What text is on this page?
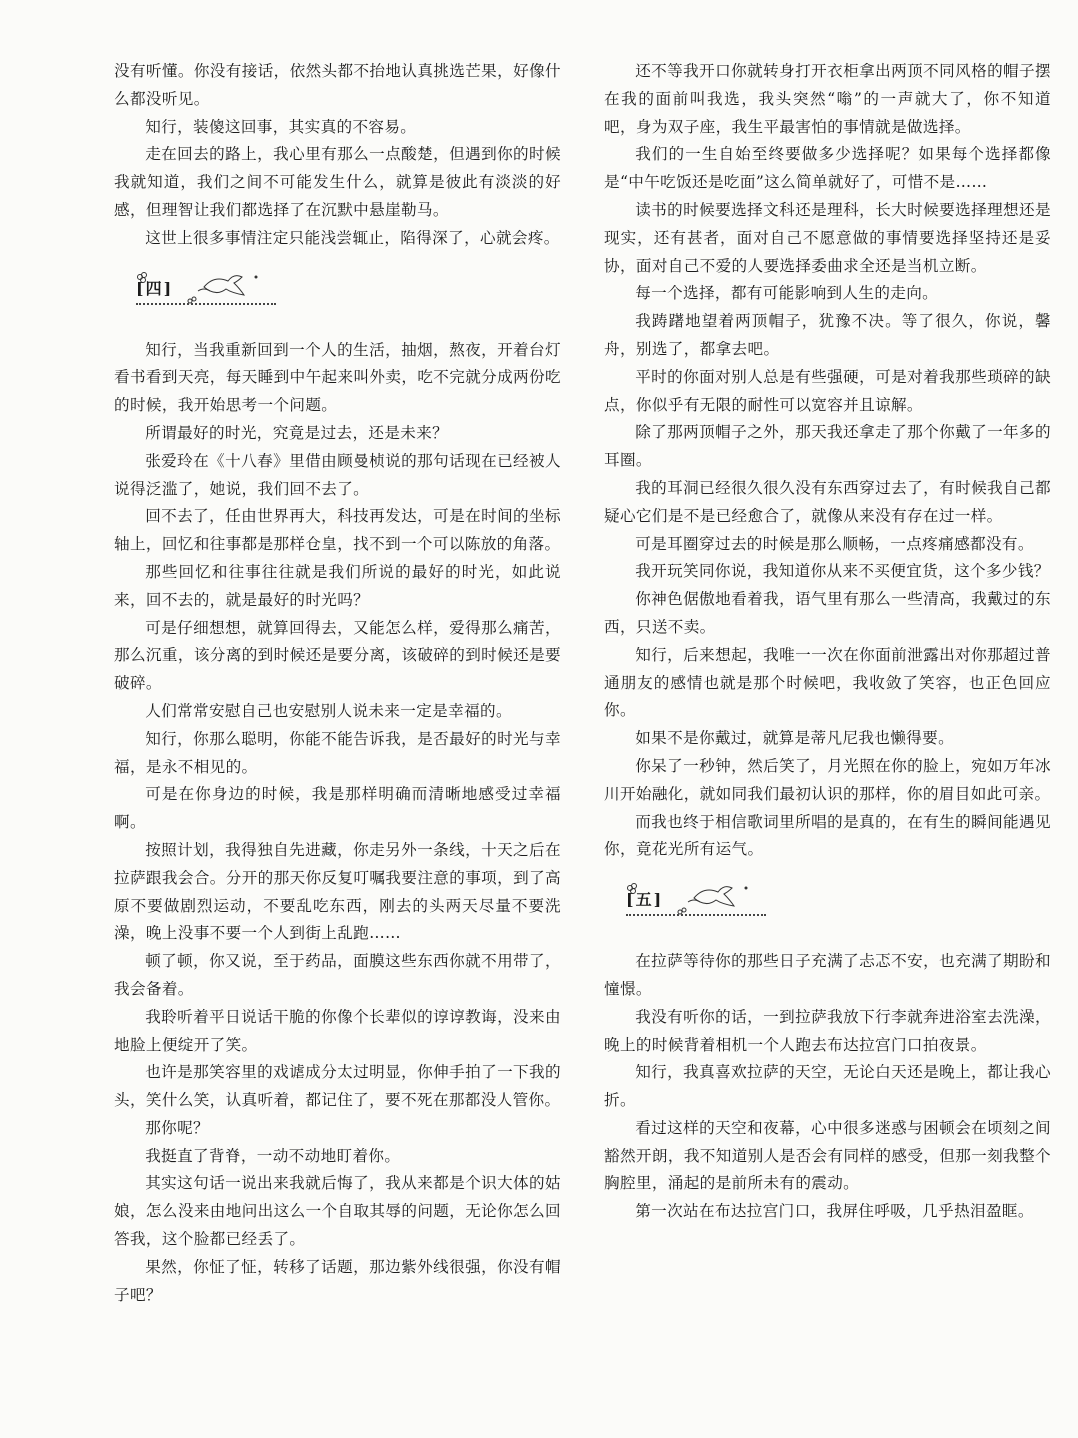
没有听懂。你没有接话，依然头都不抬地认真挑选芒果，好像什么都没听见。

知行，装傻这回事，其实真的不容易。

走在回去的路上，我心里有那么一点酸楚，但遇到你的时候我就知道，我们之间不可能发生什么，就算是彼此有淡淡的好感，但理智让我们都选择了在沉默中悬崖勒马。

这世上很多事情注定只能浅尝辄止，陷得深了，心就会疼。

[四]

知行，当我重新回到一个人的生活，抽烟，熬夜，开着台灯看书看到天亮，每天睡到中午起来叫外卖，吃不完就分成两份吃的时候，我开始思考一个问题。

所谓最好的时光，究竟是过去，还是未来？

张爱玲在《十八春》里借由顾曼桢说的那句话现在已经被人说得泛滥了，她说，我们回不去了。

回不去了，任由世界再大，科技再发达，可是在时间的坐标轴上，回忆和往事都是那样仓皇，找不到一个可以陈放的角落。

那些回忆和往事往往就是我们所说的最好的时光，如此说来，回不去的，就是最好的时光吗？

可是仔细想想，就算回得去，又能怎么样，爱得那么痛苦，那么沉重，该分离的到时候还是要分离，该破碎的到时候还是要破碎。

人们常常安慰自己也安慰别人说未来一定是幸福的。

知行，你那么聪明，你能不能告诉我，是否最好的时光与幸福，是永不相见的。

可是在你身边的时候，我是那样明确而清晰地感受过幸福啊。

按照计划，我得独自先进藏，你走另外一条线，十天之后在拉萨跟我会合。分开的那天你反复叮嘱我要注意的事项，到了高原不要做剧烈运动，不要乱吃东西，刚去的头两天尽量不要洗澡，晚上没事不要一个人到街上乱跑……

顿了顿，你又说，至于药品，面膜这些东西你就不用带了，我会备着。

我聆听着平日说话干脆的你像个长辈似的谆谆教诲，没来由地脸上便绽开了笑。

也许是那笑容里的戏谑成分太过明显，你伸手拍了一下我的头，笑什么笑，认真听着，都记住了，要不死在那都没人管你。

那你呢？

我挺直了背脊，一动不动地盯着你。

其实这句话一说出来我就后悔了，我从来都是个识大体的姑娘，怎么没来由地问出这么一个自取其辱的问题，无论你怎么回答我，这个脸都已经丢了。

果然，你怔了怔，转移了话题，那边紫外线很强，你没有帽子吧？

还不等我开口你就转身打开衣柜拿出两顶不同风格的帽子摆在我的面前叫我选，我头突然“嗡”的一声就大了，你不知道吧，身为双子座，我生平最害怕的事情就是做选择。

我们的一生自始至终要做多少选择呢？如果每个选择都像是“中午吃饭还是吃面”这么简单就好了，可惜不是……

读书的时候要选择文科还是理科，长大时候要选择理想还是现实，还有甚者，面对自己不愿意做的事情要选择坚持还是妥协，面对自己不爱的人要选择委曲求全还是当机立断。

每一个选择，都有可能影响到人生的走向。

我踌躇地望着两顶帽子，犹豫不决。等了很久，你说，馨舟，别选了，都拿去吧。

平时的你面对别人总是有些强硬，可是对着我那些琐碎的缺点，你似乎有无限的耐性可以宽容并且谅解。

除了那两顶帽子之外，那天我还拿走了那个你戴了一年多的耳圈。

我的耳洞已经很久很久没有东西穿过去了，有时候我自己都疑心它们是不是已经愈合了，就像从来没有存在过一样。

可是耳圈穿过去的时候是那么顺畅，一点疼痛感都没有。

我开玩笑同你说，我知道你从来不买便宜货，这个多少钱？

你神色倨傲地看着我，语气里有那么一些清高，我戴过的东西，只送不卖。

知行，后来想起，我唯一一次在你面前泄露出对你那超过普通朋友的感情也就是那个时候吧，我收敛了笑容，也正色回应你。

如果不是你戴过，就算是蒂凡尼我也懒得要。

你呆了一秒钟，然后笑了，月光照在你的脸上，宛如万年冰川开始融化，就如同我们最初认识的那样，你的眉目如此可亲。

而我也终于相信歌词里所唱的是真的，在有生的瞬间能遇见你，竟花光所有运气。

[五]

在拉萨等待你的那些日子充满了忐忑不安，也充满了期盼和憧憬。

我没有听你的话，一到拉萨我放下行李就奔进浴室去洗澡，晚上的时候背着相机一个人跑去布达拉宫门口拍夜景。

知行，我真喜欢拉萨的天空，无论白天还是晚上，都让我心折。

看过这样的天空和夜幕，心中很多迷惑与困顿会在顷刻之间豁然开朗，我不知道别人是否会有同样的感受，但那一刻我整个胸腔里，涌起的是前所未有的震动。

第一次站在布达拉宫门口，我屏住呼吸，几乎热泪盈眶。
